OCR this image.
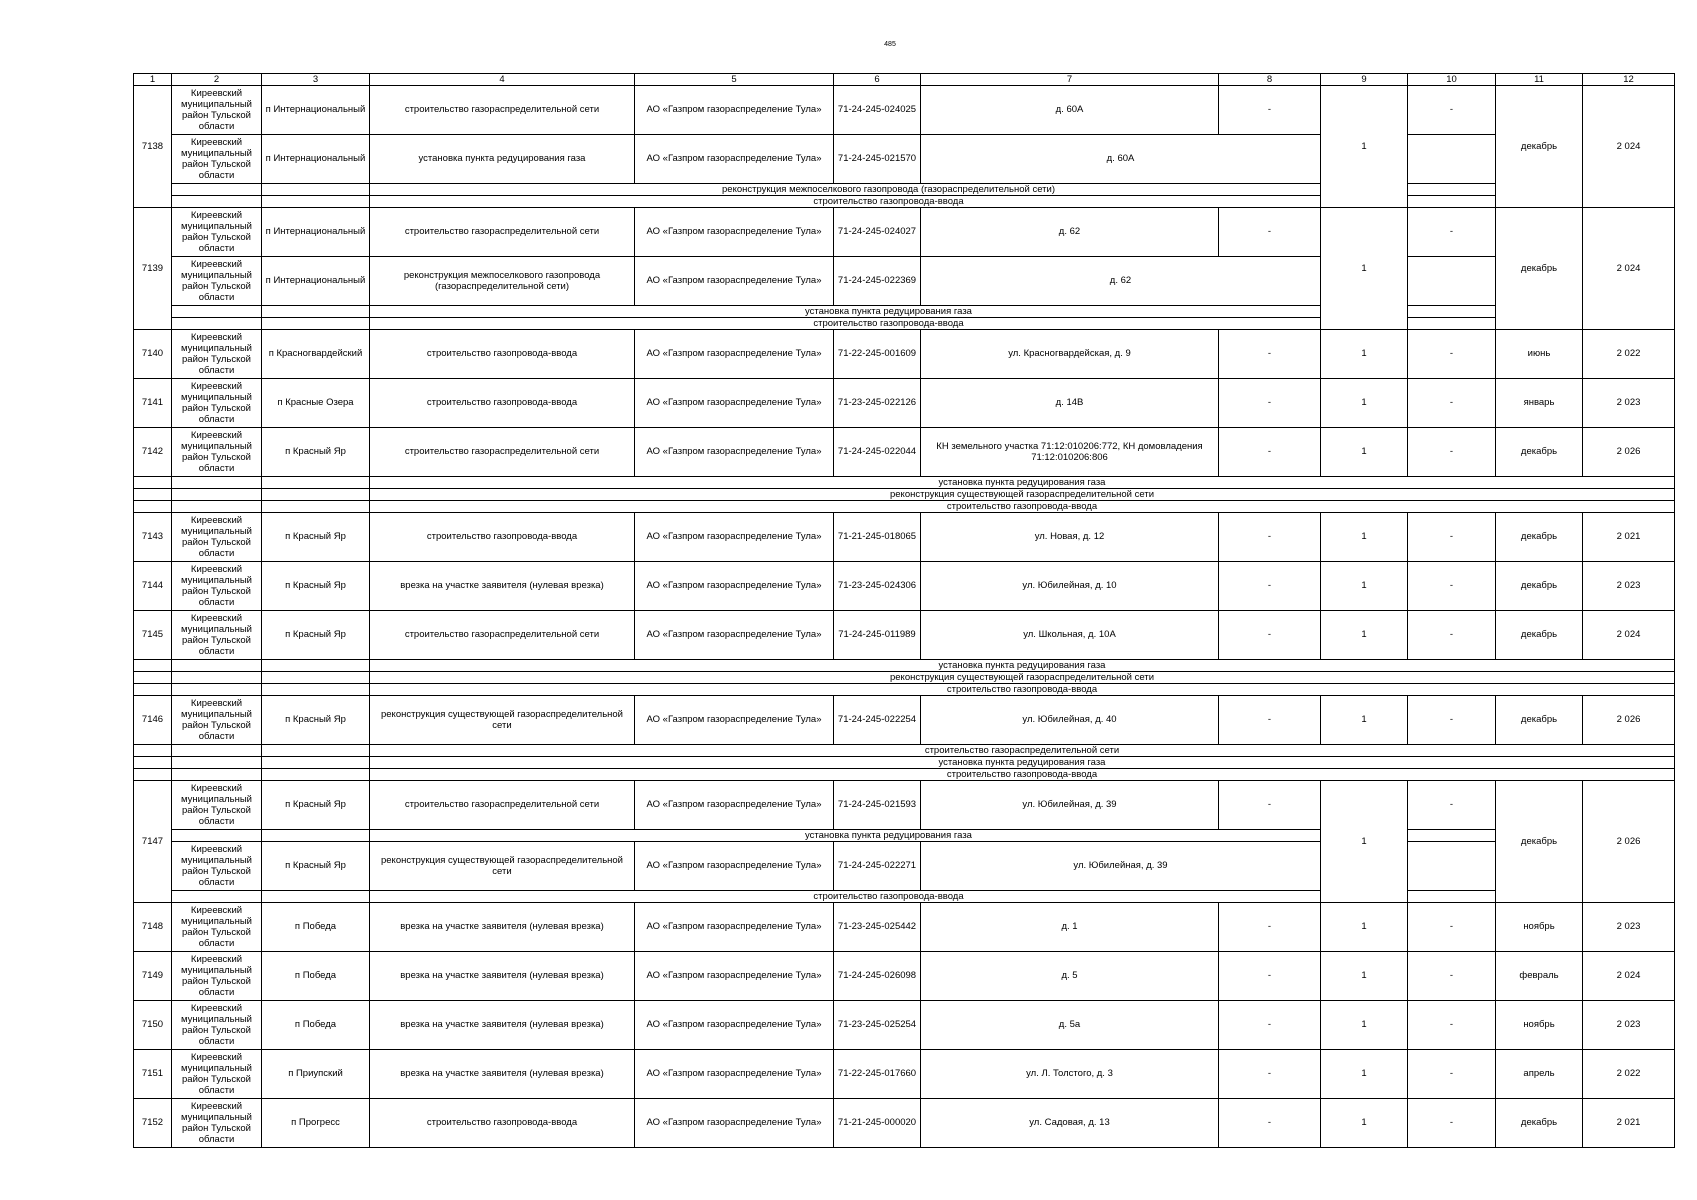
485
1	2	3	4	5	6	7	8	9	10	11	12
7138	Киреевский муниципальный район Тульской области	п Интернациональный	строительство газораспределительной сети	АО «Газпром газораспределение Тула»	71-24-245-024025	д. 60А	-	1	-	декабрь	2 024
	Киреевский муниципальный район Тульской области	п Интернациональный	установка пункта редуцирования газа	АО «Газпром газораспределение Тула»	71-24-245-021570	д. 60А					
			реконструкция межпоселкового газопровода (газораспределительной сети)								
			строительство газопровода-ввода								
7139	Киреевский муниципальный район Тульской области	п Интернациональный	строительство газораспределительной сети	АО «Газпром газораспределение Тула»	71-24-245-024027	д. 62	-	1	-	декабрь	2 024
	Киреевский муниципальный район Тульской области	п Интернациональный	реконструкция межпоселкового газопровода (газораспределительной сети)	АО «Газпром газораспределение Тула»	71-24-245-022369	д. 62					
			установка пункта редуцирования газа								
			строительство газопровода-ввода								
7140	Киреевский муниципальный район Тульской области	п Красногвардейский	строительство газопровода-ввода	АО «Газпром газораспределение Тула»	71-22-245-001609	ул. Красногвардейская, д. 9	-	1	-	июнь	2 022
7141	Киреевский муниципальный район Тульской области	п Красные Озера	строительство газопровода-ввода	АО «Газпром газораспределение Тула»	71-23-245-022126	д. 14В	-	1	-	январь	2 023
7142	Киреевский муниципальный район Тульской области	п Красный Яр	строительство газораспределительной сети	АО «Газпром газораспределение Тула»	71-24-245-022044	КН земельного участка 71:12:010206:772, КН домовладения 71:12:010206:806	-	1	-	декабрь	2 026
			установка пункта редуцирования газа								
			реконструкция существующей газораспределительной сети								
			строительство газопровода-ввода								
7143	Киреевский муниципальный район Тульской области	п Красный Яр	строительство газопровода-ввода	АО «Газпром газораспределение Тула»	71-21-245-018065	ул. Новая, д. 12	-	1	-	декабрь	2 021
7144	Киреевский муниципальный район Тульской области	п Красный Яр	врезка на участке заявителя (нулевая врезка)	АО «Газпром газораспределение Тула»	71-23-245-024306	ул. Юбилейная, д. 10	-	1	-	декабрь	2 023
7145	Киреевский муниципальный район Тульской области	п Красный Яр	строительство газораспределительной сети	АО «Газпром газораспределение Тула»	71-24-245-011989	ул. Школьная, д. 10А	-	1	-	декабрь	2 024
			установка пункта редуцирования газа								
			реконструкция существующей газораспределительной сети								
			строительство газопровода-ввода								
7146	Киреевский муниципальный район Тульской области	п Красный Яр	реконструкция существующей газораспределительной сети	АО «Газпром газораспределение Тула»	71-24-245-022254	ул. Юбилейная, д. 40	-	1	-	декабрь	2 026
			строительство газораспределительной сети								
			установка пункта редуцирования газа								
			строительство газопровода-ввода								
7147	Киреевский муниципальный район Тульской области	п Красный Яр	строительство газораспределительной сети	АО «Газпром газораспределение Тула»	71-24-245-021593	ул. Юбилейная, д. 39	-	1	-	декабрь	2 026
			установка пункта редуцирования газа								
	Киреевский муниципальный район Тульской области	п Красный Яр	реконструкция существующей газораспределительной сети	АО «Газпром газораспределение Тула»	71-24-245-022271	ул. Юбилейная, д. 39					
			строительство газопровода-ввода								
7148	Киреевский муниципальный район Тульской области	п Победа	врезка на участке заявителя (нулевая врезка)	АО «Газпром газораспределение Тула»	71-23-245-025442	д. 1	-	1	-	ноябрь	2 023
7149	Киреевский муниципальный район Тульской области	п Победа	врезка на участке заявителя (нулевая врезка)	АО «Газпром газораспределение Тула»	71-24-245-026098	д. 5	-	1	-	февраль	2 024
7150	Киреевский муниципальный район Тульской области	п Победа	врезка на участке заявителя (нулевая врезка)	АО «Газпром газораспределение Тула»	71-23-245-025254	д. 5а	-	1	-	ноябрь	2 023
7151	Киреевский муниципальный район Тульской области	п Приупский	врезка на участке заявителя (нулевая врезка)	АО «Газпром газораспределение Тула»	71-22-245-017660	ул. Л. Толстого, д. 3	-	1	-	апрель	2 022
7152	Киреевский муниципальный район Тульской области	п Прогресс	строительство газопровода-ввода	АО «Газпром газораспределение Тула»	71-21-245-000020	ул. Садовая, д. 13	-	1	-	декабрь	2 021
